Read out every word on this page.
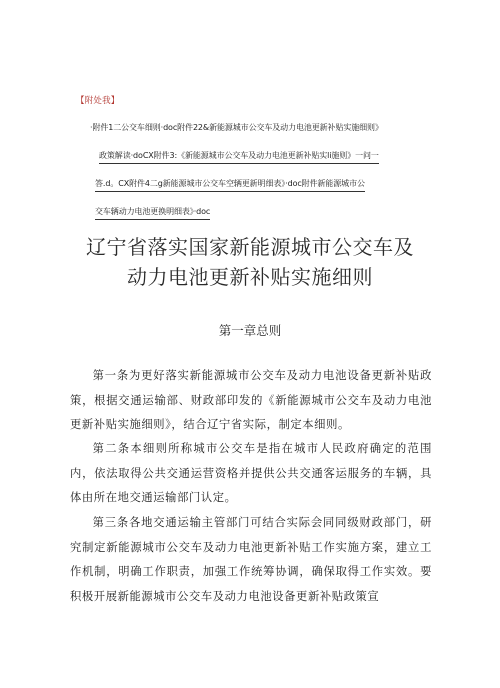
【附处我】
·附件1二公交车细则·doc附件22&新能源城市公交车及动力电池更新补贴实施细则》
政策解读·doCX附件3:《新能源城市公交车及动力电池更新补贴实li施则》一问一
答.d。CX附件4二g新能源城市公交车空辆更新明细表》·doc附件新能源城市公
交车辆动力电池更换明细表》·doc
辽宁省落实国家新能源城市公交车及
动力电池更新补贴实施细则
第一章总则

第一条为更好落实新能源城市公交车及动力电池设备更新补贴政策，根据交通运输部、财政部印发的《新能源城市公交车及动力电池更新补贴实施细则》，结合辽宁省实际，制定本细则。

第二条本细则所称城市公交车是指在城市人民政府确定的范围内，依法取得公共交通运营资格并提供公共交通客运服务的车辆，具体由所在地交通运输部门认定。

第三条各地交通运输主管部门可结合实际会同同级财政部门，研究制定新能源城市公交车及动力电池更新补贴工作实施方案，建立工作机制，明确工作职责，加强工作统筹协调，确保取得工作实效。要积极开展新能源城市公交车及动力电池设备更新补贴政策宣
